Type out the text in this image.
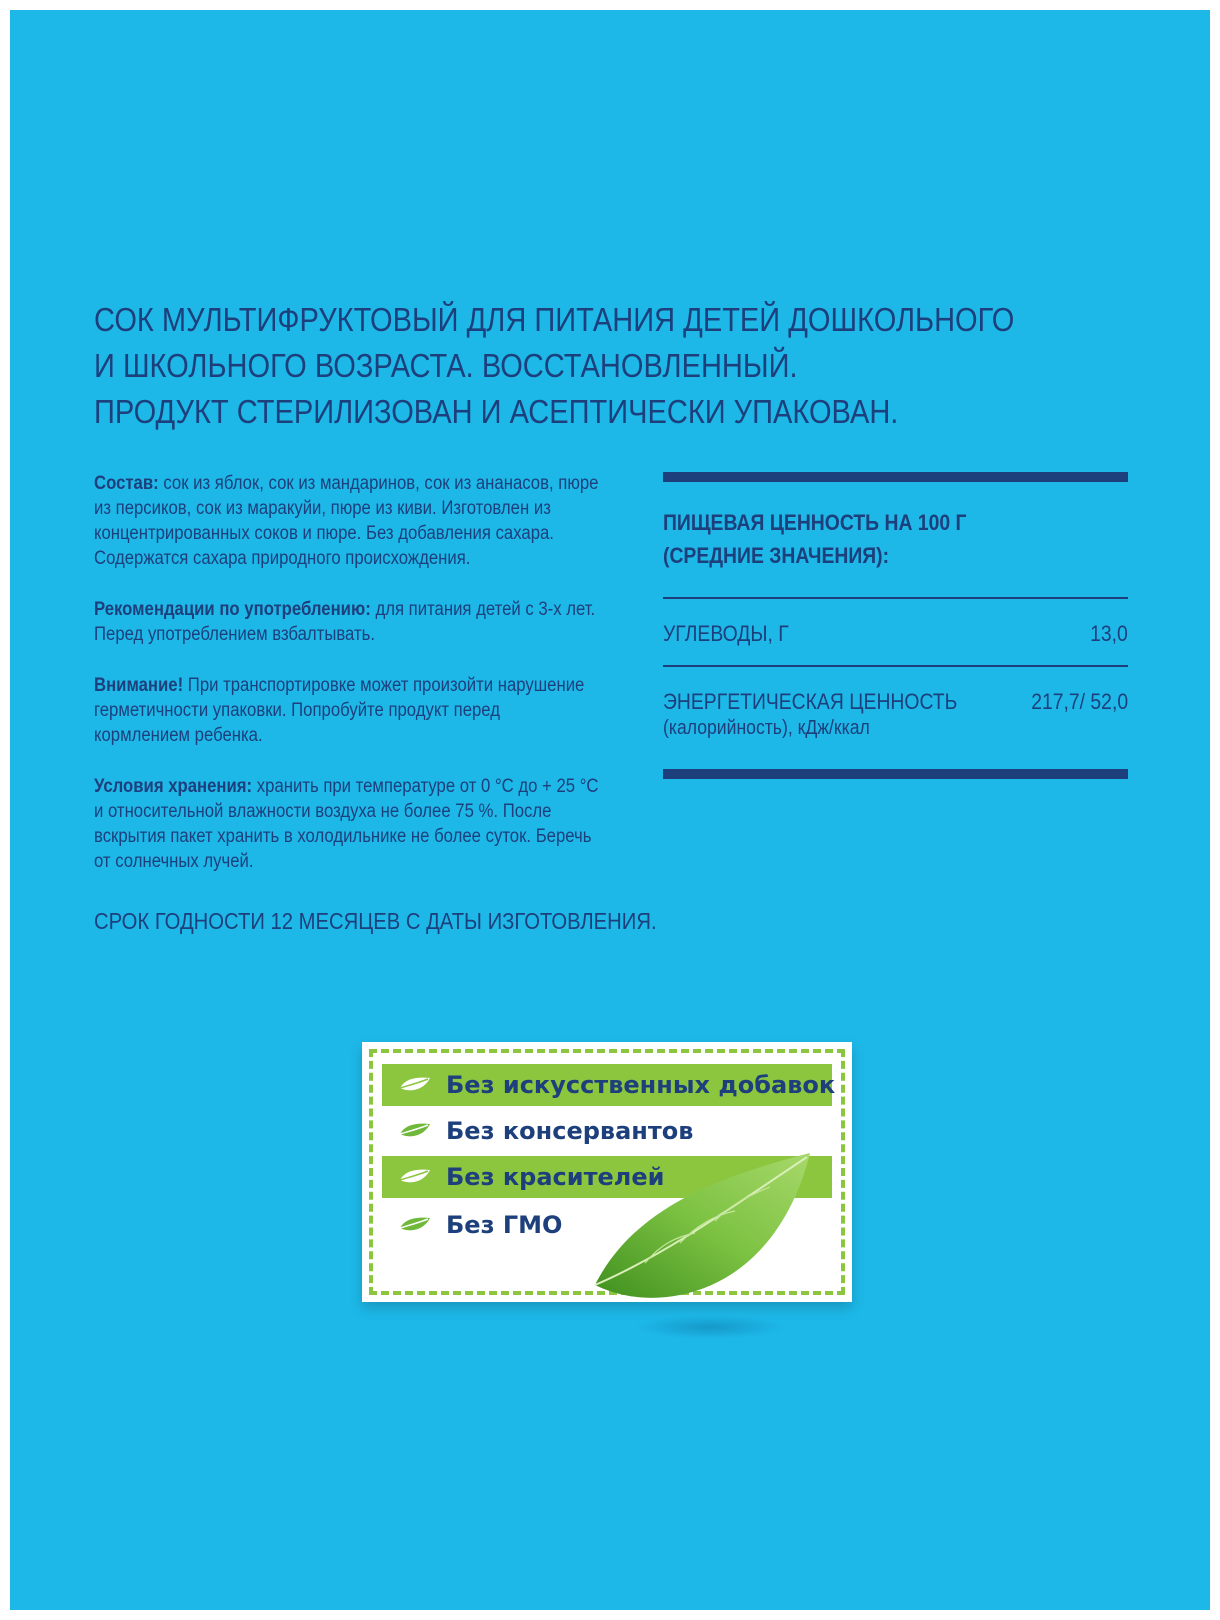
СОК МУЛЬТИФРУКТОВЫЙ ДЛЯ ПИТАНИЯ ДЕТЕЙ ДОШКОЛЬНОГО
И ШКОЛЬНОГО ВОЗРАСТА. ВОССТАНОВЛЕННЫЙ.
ПРОДУКТ СТЕРИЛИЗОВАН И АСЕПТИЧЕСКИ УПАКОВАН.

Состав: сок из яблок, сок из мандаринов, сок из ананасов, пюре
из персиков, сок из маракуйи, пюре из киви. Изготовлен из
концентрированных соков и пюре. Без добавления сахара.
Содержатся сахара природного происхождения.

Рекомендации по употреблению: для питания детей с 3-х лет.
Перед употреблением взбалтывать.

Внимание! При транспортировке может произойти нарушение
герметичности упаковки. Попробуйте продукт перед
кормлением ребенка.

Условия хранения: хранить при температуре от 0 °С до + 25 °С
и относительной влажности воздуха не более 75 %. После
вскрытия пакет хранить в холодильнике не более суток. Беречь
от солнечных лучей.

СРОК ГОДНОСТИ 12 МЕСЯЦЕВ С ДАТЫ ИЗГОТОВЛЕНИЯ.
ПИЩЕВАЯ ЦЕННОСТЬ НА 100 Г
(СРЕДНИЕ ЗНАЧЕНИЯ):
УГЛЕВОДЫ, Г	13,0
ЭНЕРГЕТИЧЕСКАЯ ЦЕННОСТЬ
(калорийность), кДж/ккал
217,7/ 52,0
Без искусственных добавок
Без консервантов
Без красителей
Без ГМО
